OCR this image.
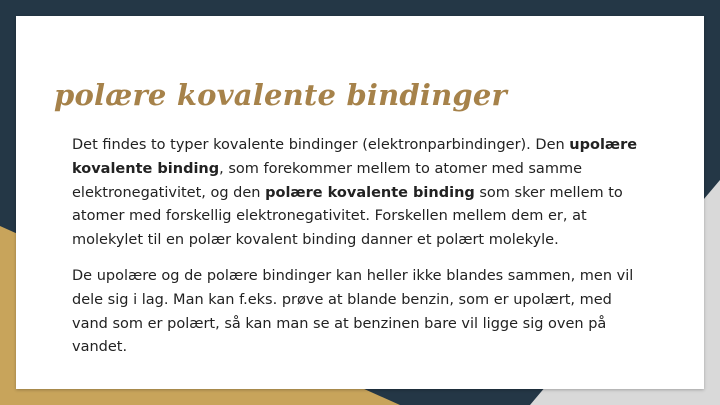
polære kovalente bindinger

Det findes to typer kovalente bindinger (elektronparbindinger). Den upolære kovalente binding, som forekommer mellem to atomer med samme elektronegativitet, og den polære kovalente binding som sker mellem to atomer med forskellig elektronegativitet. Forskellen mellem dem er, at molekylet til en polær kovalent binding danner et polært molekyle.

De upolære og de polære bindinger kan heller ikke blandes sammen, men vil dele sig i lag. Man kan f.eks. prøve at blande benzin, som er upolært, med vand som er polært, så kan man se at benzinen bare vil ligge sig oven på vandet.
